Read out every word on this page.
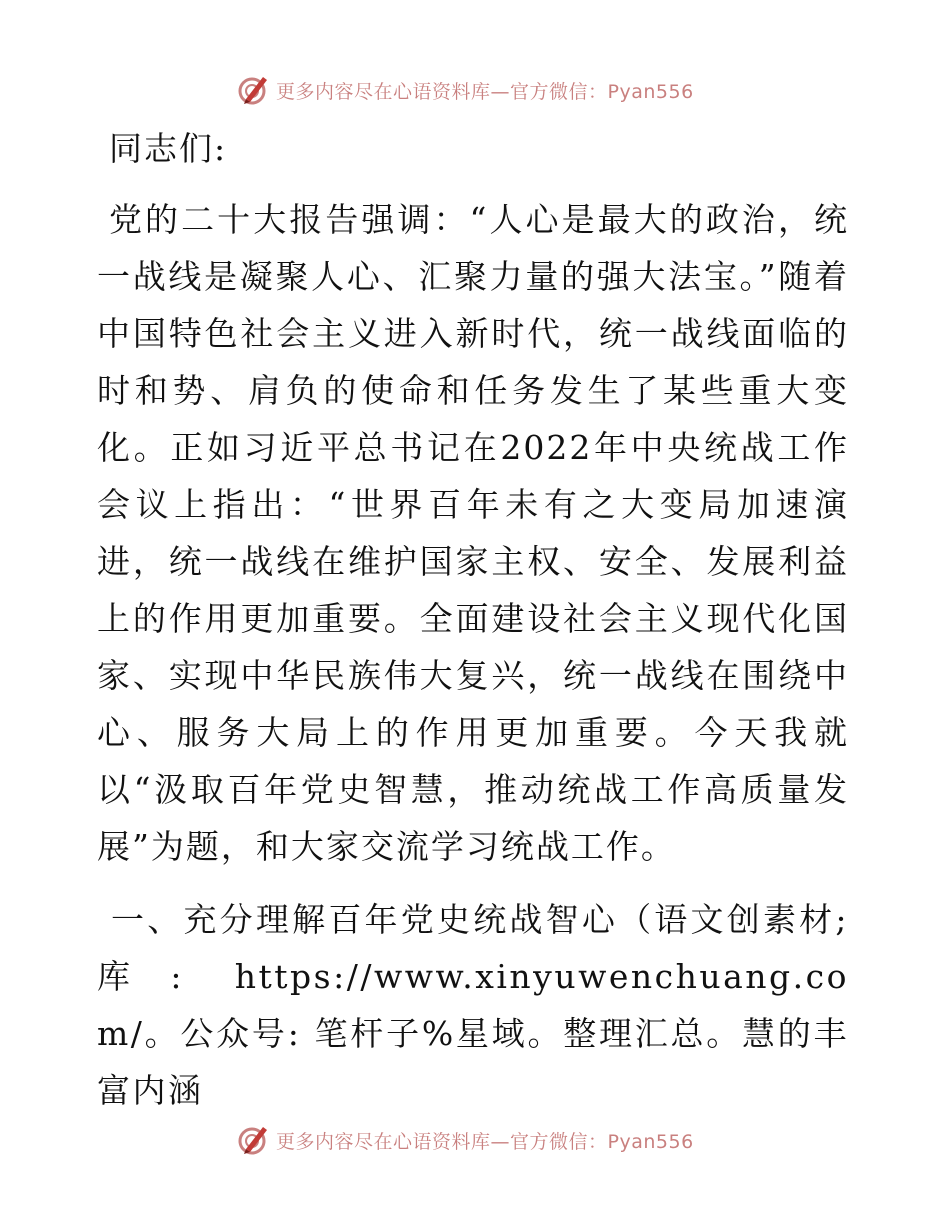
更多内容尽在心语资料库—官方微信：Pyan556

同志们:

党的二十大报告强调：“人心是最大的政治，统一战线是凝聚人心、汇聚力量的强大法宝。”随着中国特色社会主义进入新时代，统一战线面临的时和势、肩负的使命和任务发生了某些重大变化。正如习近平总书记在2022年中央统战工作会议上指出：“世界百年未有之大变局加速演进，统一战线在维护国家主权、安全、发展利益上的作用更加重要。全面建设社会主义现代化国家、实现中华民族伟大复兴，统一战线在围绕中心、服务大局上的作用更加重要。今天我就以“汲取百年党史智慧，推动统战工作高质量发展”为题，和大家交流学习统战工作。

一、充分理解百年党史统战智心（语文创素材;库: https://www.xinyuwenchuang.com/。公众号: 笔杆子%星域。整理汇总。慧的丰富内涵

更多内容尽在心语资料库—官方微信：Pyan556
